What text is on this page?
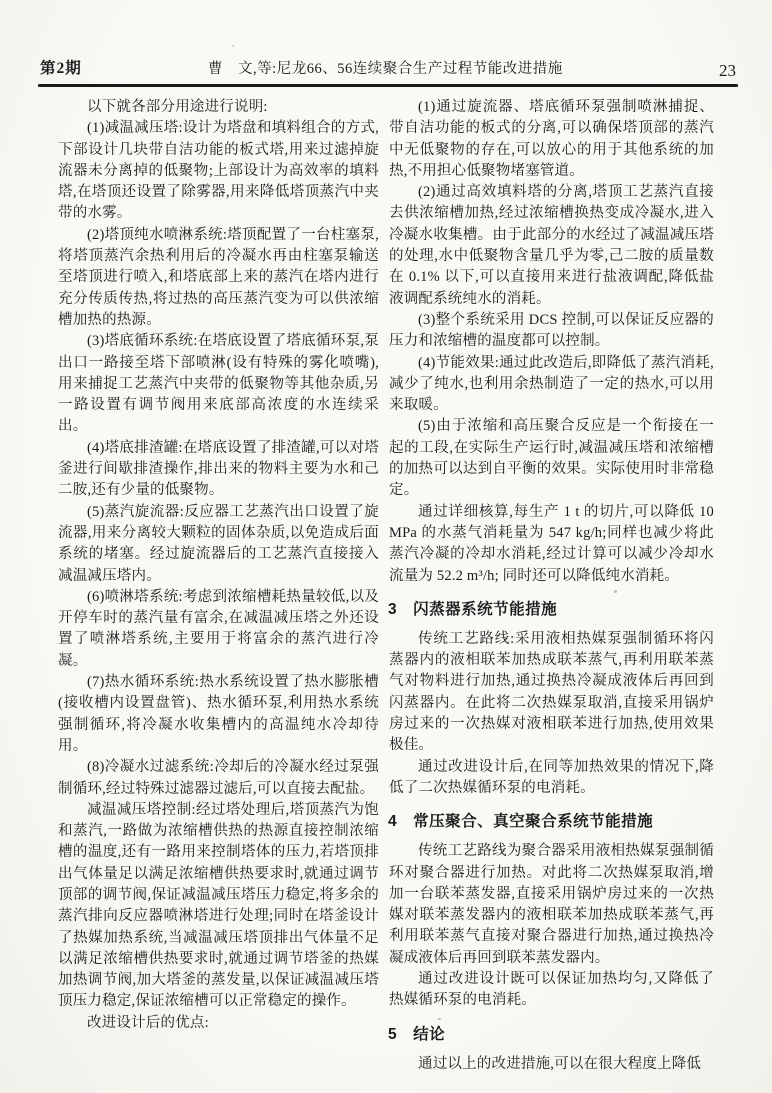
第2期	曹　文,等:尼龙66、56连续聚合生产过程节能改进措施	23

以下就各部分用途进行说明:

(1)减温减压塔:设计为塔盘和填料组合的方式,下部设计几块带自洁功能的板式塔,用来过滤掉旋流器未分离掉的低聚物;上部设计为高效率的填料塔,在塔顶还设置了除雾器,用来降低塔顶蒸汽中夹带的水雾。

(2)塔顶纯水喷淋系统:塔顶配置了一台柱塞泵,将塔顶蒸汽余热利用后的冷凝水再由柱塞泵输送至塔顶进行喷入,和塔底部上来的蒸汽在塔内进行充分传质传热,将过热的高压蒸汽变为可以供浓缩槽加热的热源。

(3)塔底循环系统:在塔底设置了塔底循环泵,泵出口一路接至塔下部喷淋(设有特殊的雾化喷嘴),用来捕捉工艺蒸汽中夹带的低聚物等其他杂质,另一路设置有调节阀用来底部高浓度的水连续采出。

(4)塔底排渣罐:在塔底设置了排渣罐,可以对塔釜进行间歇排渣操作,排出来的物料主要为水和己二胺,还有少量的低聚物。

(5)蒸汽旋流器:反应器工艺蒸汽出口设置了旋流器,用来分离较大颗粒的固体杂质,以免造成后面系统的堵塞。经过旋流器后的工艺蒸汽直接接入减温减压塔内。

(6)喷淋塔系统:考虑到浓缩槽耗热量较低,以及开停车时的蒸汽量有富余,在减温减压塔之外还设置了喷淋塔系统,主要用于将富余的蒸汽进行冷凝。

(7)热水循环系统:热水系统设置了热水膨胀槽(接收槽内设置盘管)、热水循环泵,利用热水系统强制循环,将冷凝水收集槽内的高温纯水冷却待用。

(8)冷凝水过滤系统:冷却后的冷凝水经过泵强制循环,经过特殊过滤器过滤后,可以直接去配盐。

减温减压塔控制:经过塔处理后,塔顶蒸汽为饱和蒸汽,一路做为浓缩槽供热的热源直接控制浓缩槽的温度,还有一路用来控制塔体的压力,若塔顶排出气体量足以满足浓缩槽供热要求时,就通过调节顶部的调节阀,保证减温减压塔压力稳定,将多余的蒸汽排向反应器喷淋塔进行处理;同时在塔釜设计了热媒加热系统,当减温减压塔顶排出气体量不足以满足浓缩槽供热要求时,就通过调节塔釜的热媒加热调节阀,加大塔釜的蒸发量,以保证减温减压塔顶压力稳定,保证浓缩槽可以正常稳定的操作。

改进设计后的优点:

(1)通过旋流器、塔底循环泵强制喷淋捕捉、带自洁功能的板式的分离,可以确保塔顶部的蒸汽中无低聚物的存在,可以放心的用于其他系统的加热,不用担心低聚物堵塞管道。

(2)通过高效填料塔的分离,塔顶工艺蒸汽直接去供浓缩槽加热,经过浓缩槽换热变成冷凝水,进入冷凝水收集槽。由于此部分的水经过了减温减压塔的处理,水中低聚物含量几乎为零,己二胺的质量数在 0.1% 以下,可以直接用来进行盐液调配,降低盐液调配系统纯水的消耗。

(3)整个系统采用 DCS 控制,可以保证反应器的压力和浓缩槽的温度都可以控制。

(4)节能效果:通过此改造后,即降低了蒸汽消耗,减少了纯水,也利用余热制造了一定的热水,可以用来取暖。

(5)由于浓缩和高压聚合反应是一个衔接在一起的工段,在实际生产运行时,减温减压塔和浓缩槽的加热可以达到自平衡的效果。实际使用时非常稳定。

通过详细核算,每生产 1 t 的切片,可以降低 10 MPa 的水蒸气消耗量为 547 kg/h;同样也减少将此蒸汽冷凝的冷却水消耗,经过计算可以减少冷却水流量为 52.2 m³/h; 同时还可以降低纯水消耗。

3　闪蒸器系统节能措施

传统工艺路线:采用液相热媒泵强制循环将闪蒸器内的液相联苯加热成联苯蒸气,再利用联苯蒸气对物料进行加热,通过换热冷凝成液体后再回到闪蒸器内。在此将二次热媒泵取消,直接采用锅炉房过来的一次热媒对液相联苯进行加热,使用效果极佳。

通过改进设计后,在同等加热效果的情况下,降低了二次热媒循环泵的电消耗。

4　常压聚合、真空聚合系统节能措施

传统工艺路线为聚合器采用液相热媒泵强制循环对聚合器进行加热。对此将二次热媒泵取消,增加一台联苯蒸发器,直接采用锅炉房过来的一次热媒对联苯蒸发器内的液相联苯加热成联苯蒸气,再利用联苯蒸气直接对聚合器进行加热,通过换热冷凝成液体后再回到联苯蒸发器内。

通过改进设计既可以保证加热均匀,又降低了热媒循环泵的电消耗。

5　结论

通过以上的改进措施,可以在很大程度上降低
